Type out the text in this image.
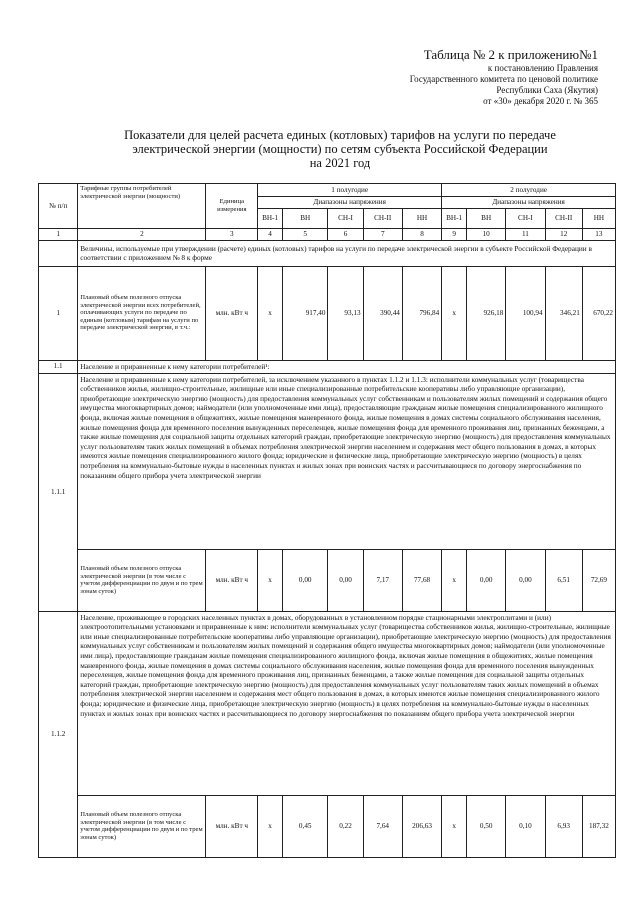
Таблица № 2 к приложению№1
к постановлению Правления
Государственного комитета по ценовой политике
Республики Саха (Якутия)
от «30» декабря 2020 г. № 365
Показатели для целей расчета единых (котловых) тарифов на услуги по передаче
электрической энергии (мощности) по сетям субъекта Российской Федерации
на 2021 год
№ п/п	Тарифные группы потребителей электрической энергии (мощности)	Единица измерения	1 полугодие					2 полугодие				
			Диапазоны напряжения					Диапазоны напряжения				
			ВН-1	ВН	СН-I	СН-II	НН	ВН-1	ВН	СН-I	СН-II	НН
1	2	3	4	5	6	7	8	9	10	11	12	13
	Величины, используемые при утверждении (расчете) единых (котловых) тарифов на услуги по передаче электрической энергии в субъекте Российской Федерации в соответствии с приложением № 8 к форме											
1	Плановый объем полезного отпуска электрической энергии всех потребителей, оплачивающих услуги по передаче по единым (котловым) тарифам на услуги по передаче электрической энергии, в т.ч.:	млн. кВт ч	х	917,40	93,13	390,44	796,84	х	926,18	100,94	346,21	670,22
1.1	Население и приравненные к нему категории потребителей¹:											
1.1.1	Население и приравненные к нему категории потребителей, за исключением указанного в пунктах 1.1.2 и 1.1.3: исполнители коммунальных услуг (товарищества собственников жилья, жилищно-строительные, жилищные или иные специализированные потребительские кооперативы либо управляющие организации), приобретающие электрическую энергию (мощность) для предоставления коммунальных услуг собственникам и пользователям жилых помещений и содержания общего имущества многоквартирных домов; наймодатели (или уполномоченные ими лица), предоставляющие гражданам жилые помещения специализированного жилищного фонда, включая жилые помещения в общежитиях, жилые помещения маневренного фонда, жилые помещения в домах системы социального обслуживания населения, жилые помещения фонда для временного поселения вынужденных переселенцев, жилые помещения фонда для временного проживания лиц, признанных беженцами, а также жилые помещения для социальной защиты отдельных категорий граждан, приобретающие электрическую энергию (мощность) для предоставления коммунальных услуг пользователям таких жилых помещений в объемах потребления электрической энергии населением и содержания мест общего пользования в домах, в которых имеются жилые помещения специализированного жилого фонда; юридические и физические лица, приобретающие электрическую энергию (мощность) в целях потребления на коммунально-бытовые нужды в населенных пунктах и жилых зонах при воинских частях и рассчитывающиеся по договору энергоснабжения по показаниям общего прибора учета электрической энергии											
	Плановый объем полезного отпуска электрической энергии (в том числе с учетом дифференциации по двум и по трем зонам суток)	млн. кВт ч	х	0,00	0,00	7,17	77,68	х	0,00	0,00	6,51	72,69
1.1.2	Население, проживающее в городских населенных пунктах в домах, оборудованных в установленном порядке стационарными электроплитами и (или) электроотопительными установками и приравненные к ним: исполнители коммунальных услуг (товарищества собственников жилья, жилищно-строительные, жилищные или иные специализированные потребительские кооперативы либо управляющие организации), приобретающие электрическую энергию (мощность) для предоставления коммунальных услуг собственникам и пользователям жилых помещений и содержания общего имущества многоквартирных домов; наймодатели (или уполномоченные ими лица), предоставляющие гражданам жилые помещения специализированного жилищного фонда, включая жилые помещения в общежитиях, жилые помещения маневренного фонда, жилые помещения в домах системы социального обслуживания населения, жилые помещения фонда для временного поселения вынужденных переселенцев, жилые помещения фонда для временного проживания лиц, признанных беженцами, а также жилые помещения для социальной защиты отдельных категорий граждан, приобретающие электрическую энергию (мощность) для предоставления коммунальных услуг пользователям таких жилых помещений в объемах потребления электрической энергии населением и содержания мест общего пользования в домах, в которых имеются жилые помещения специализированного жилого фонда; юридические и физические лица, приобретающие электрическую энергию (мощность) в целях потребления на коммунально-бытовые нужды в населенных пунктах и жилых зонах при воинских частях и рассчитывающиеся по договору энергоснабжения по показаниям общего прибора учета электрической энергии											
	Плановый объем полезного отпуска электрической энергии (в том числе с учетом дифференциации по двум и по трем зонам суток)	млн. кВт ч	х	0,45	0,22	7,64	206,63	х	0,50	0,10	6,93	187,32
